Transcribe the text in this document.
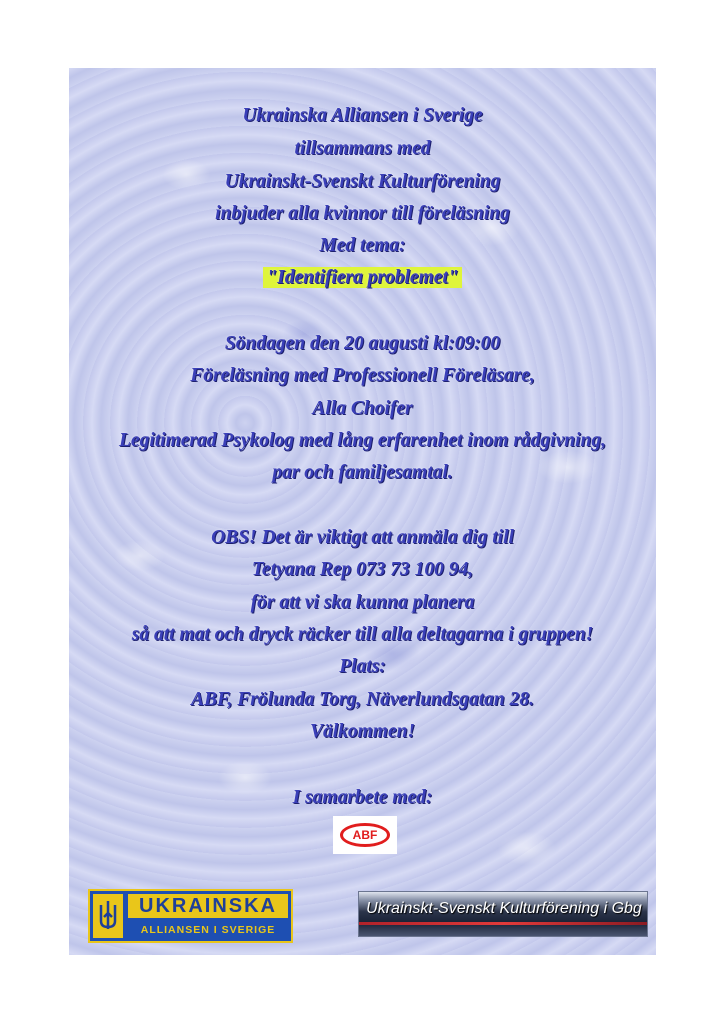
Ukrainska Alliansen i Sverige
tillsammans med
Ukrainskt-Svenskt Kulturförening
inbjuder alla kvinnor till föreläsning
Med tema:
"Identifiera problemet"
Söndagen den 20 augusti kl:09:00
Föreläsning med Professionell Föreläsare,
Alla Choifer
Legitimerad Psykolog med lång erfarenhet inom rådgivning,
par och familjesamtal.
OBS! Det är viktigt att anmäla dig till
Tetyana Rep 073 73 100 94,
för att vi ska kunna planera
så att mat och dryck räcker till alla deltagarna i gruppen!
Plats:
ABF, Frölunda Torg, Näverlundsgatan 28.
Välkommen!
I samarbete med:
ABF
UKRAINSKA
ALLIANSEN I SVERIGE
Ukrainskt-Svenskt Kulturförening i Gbg
